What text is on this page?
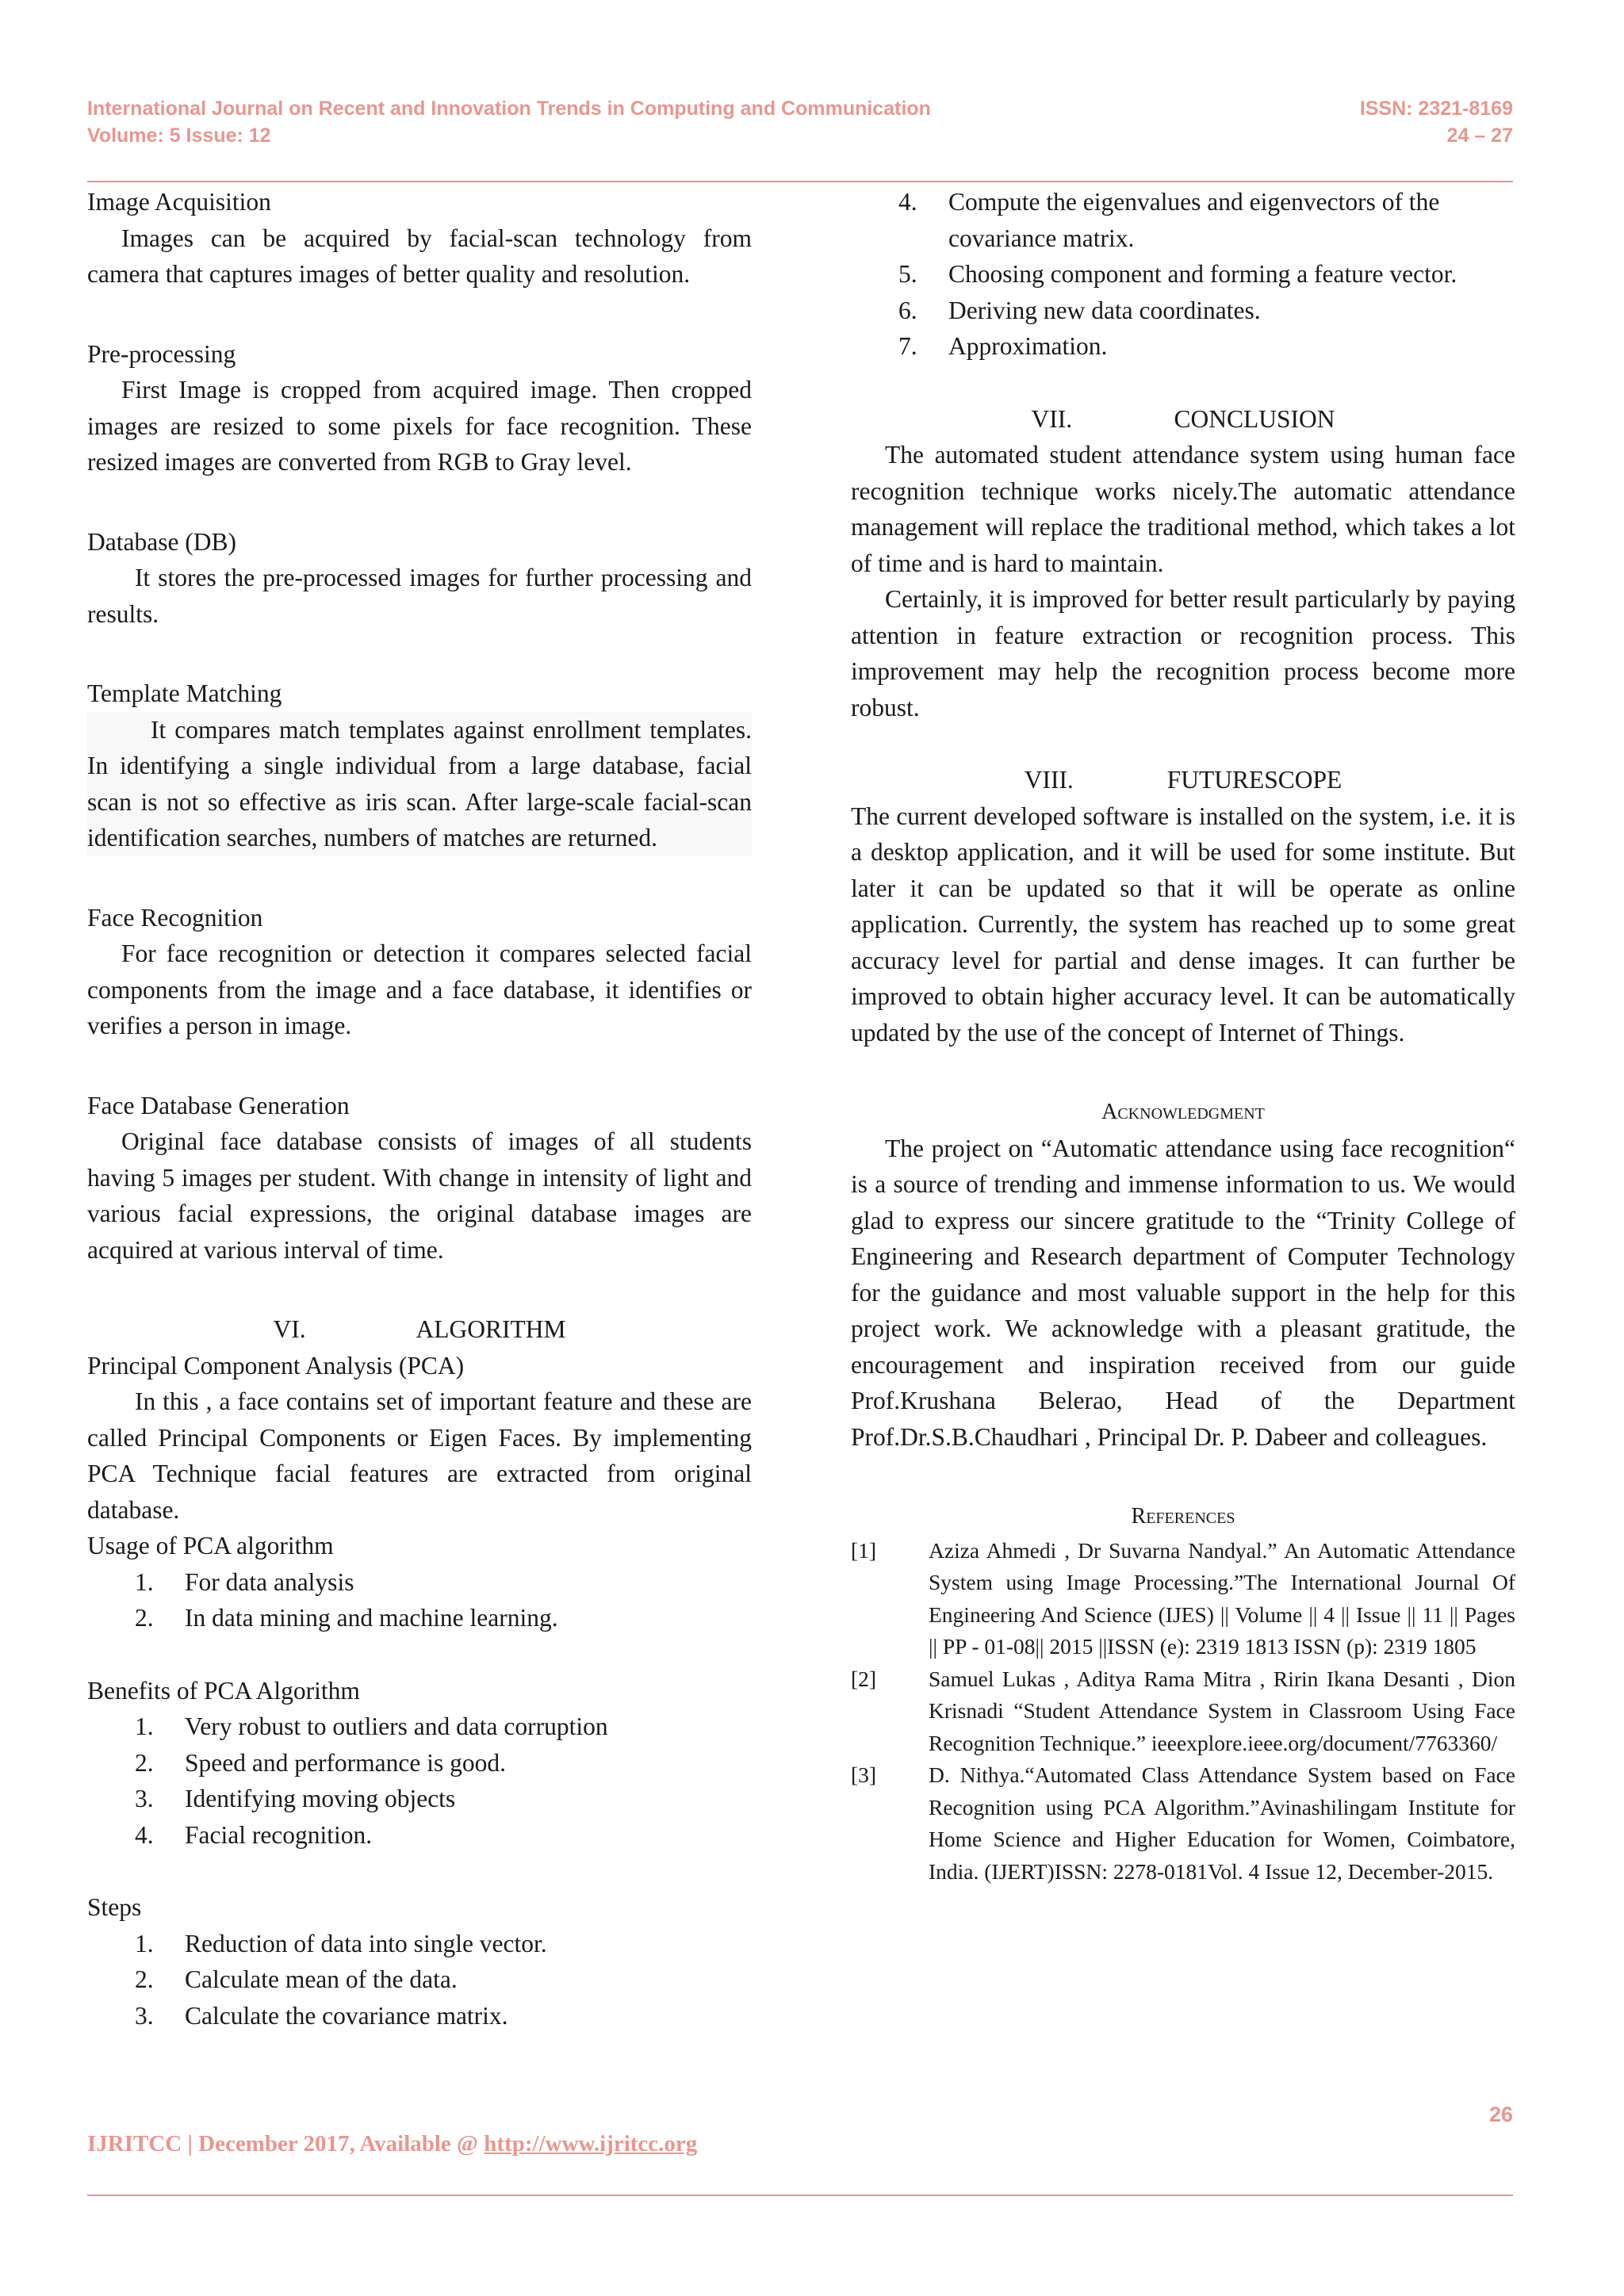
International Journal on Recent and Innovation Trends in Computing and Communication
Volume: 5 Issue: 12
ISSN: 2321-8169
24 – 27

Image Acquisition

Images can be acquired by facial-scan technology from camera that captures images of better quality and resolution.

Pre-processing

First Image is cropped from acquired image. Then cropped images are resized to some pixels for face recognition. These resized images are converted from RGB to Gray level.

Database (DB)

It stores the pre-processed images for further processing and results.

Template Matching

It compares match templates against enrollment templates. In identifying a single individual from a large database, facial scan is not so effective as iris scan. After large-scale facial-scan identification searches, numbers of matches are returned.

Face Recognition

For face recognition or detection it compares selected facial components from the image and a face database, it identifies or verifies a person in image.

Face Database Generation

Original face database consists of images of all students having 5 images per student. With change in intensity of light and various facial expressions, the original database images are acquired at various interval of time.

VI.	ALGORITHM

Principal Component Analysis (PCA)

In this , a face contains set of important feature and these are called Principal Components or Eigen Faces. By implementing PCA Technique facial features are extracted from original database.

Usage of PCA algorithm

1. For data analysis
2. In data mining and machine learning.

Benefits of PCA Algorithm

1. Very robust to outliers and data corruption
2. Speed and performance is good.
3. Identifying moving objects
4. Facial recognition.

Steps

1. Reduction of data into single vector.
2. Calculate mean of the data.
3. Calculate the covariance matrix.
4. Compute the eigenvalues and eigenvectors of the covariance matrix.
5. Choosing component and forming a feature vector.
6. Deriving new data coordinates.
7. Approximation.

VII.	CONCLUSION

The automated student attendance system using human face recognition technique works nicely.The automatic attendance management will replace the traditional method, which takes a lot of time and is hard to maintain.

Certainly, it is improved for better result particularly by paying attention in feature extraction or recognition process. This improvement may help the recognition process become more robust.

VIII.	FUTURESCOPE

The current developed software is installed on the system, i.e. it is a desktop application, and it will be used for some institute. But later it can be updated so that it will be operate as online application. Currently, the system has reached up to some great accuracy level for partial and dense images. It can further be improved to obtain higher accuracy level. It can be automatically updated by the use of the concept of Internet of Things.

Acknowledgment

The project on “Automatic attendance using face recognition“ is a source of trending and immense information to us. We would glad to express our sincere gratitude to the “Trinity College of Engineering and Research department of Computer Technology for the guidance and most valuable support in the help for this project work. We acknowledge with a pleasant gratitude, the encouragement and inspiration received from our guide Prof.Krushana Belerao, Head of the Department Prof.Dr.S.B.Chaudhari , Principal Dr. P. Dabeer and colleagues.

References

[1]	Aziza Ahmedi , Dr Suvarna Nandyal.” An Automatic Attendance System using Image Processing.”The International Journal Of Engineering And Science (IJES) || Volume || 4 || Issue || 11 || Pages || PP - 01-08|| 2015 ||ISSN (e): 2319 1813 ISSN (p): 2319 1805
[2]	Samuel Lukas , Aditya Rama Mitra , Ririn Ikana Desanti , Dion Krisnadi “Student Attendance System in Classroom Using Face Recognition Technique.” ieeexplore.ieee.org/document/7763360/
[3]	D. Nithya.“Automated Class Attendance System based on Face Recognition using PCA Algorithm.”Avinashilingam Institute for Home Science and Higher Education for Women, Coimbatore, India. (IJERT)ISSN: 2278-0181Vol. 4 Issue 12, December-2015.
26
IJRITCC | December 2017, Available @ http://www.ijritcc.org
